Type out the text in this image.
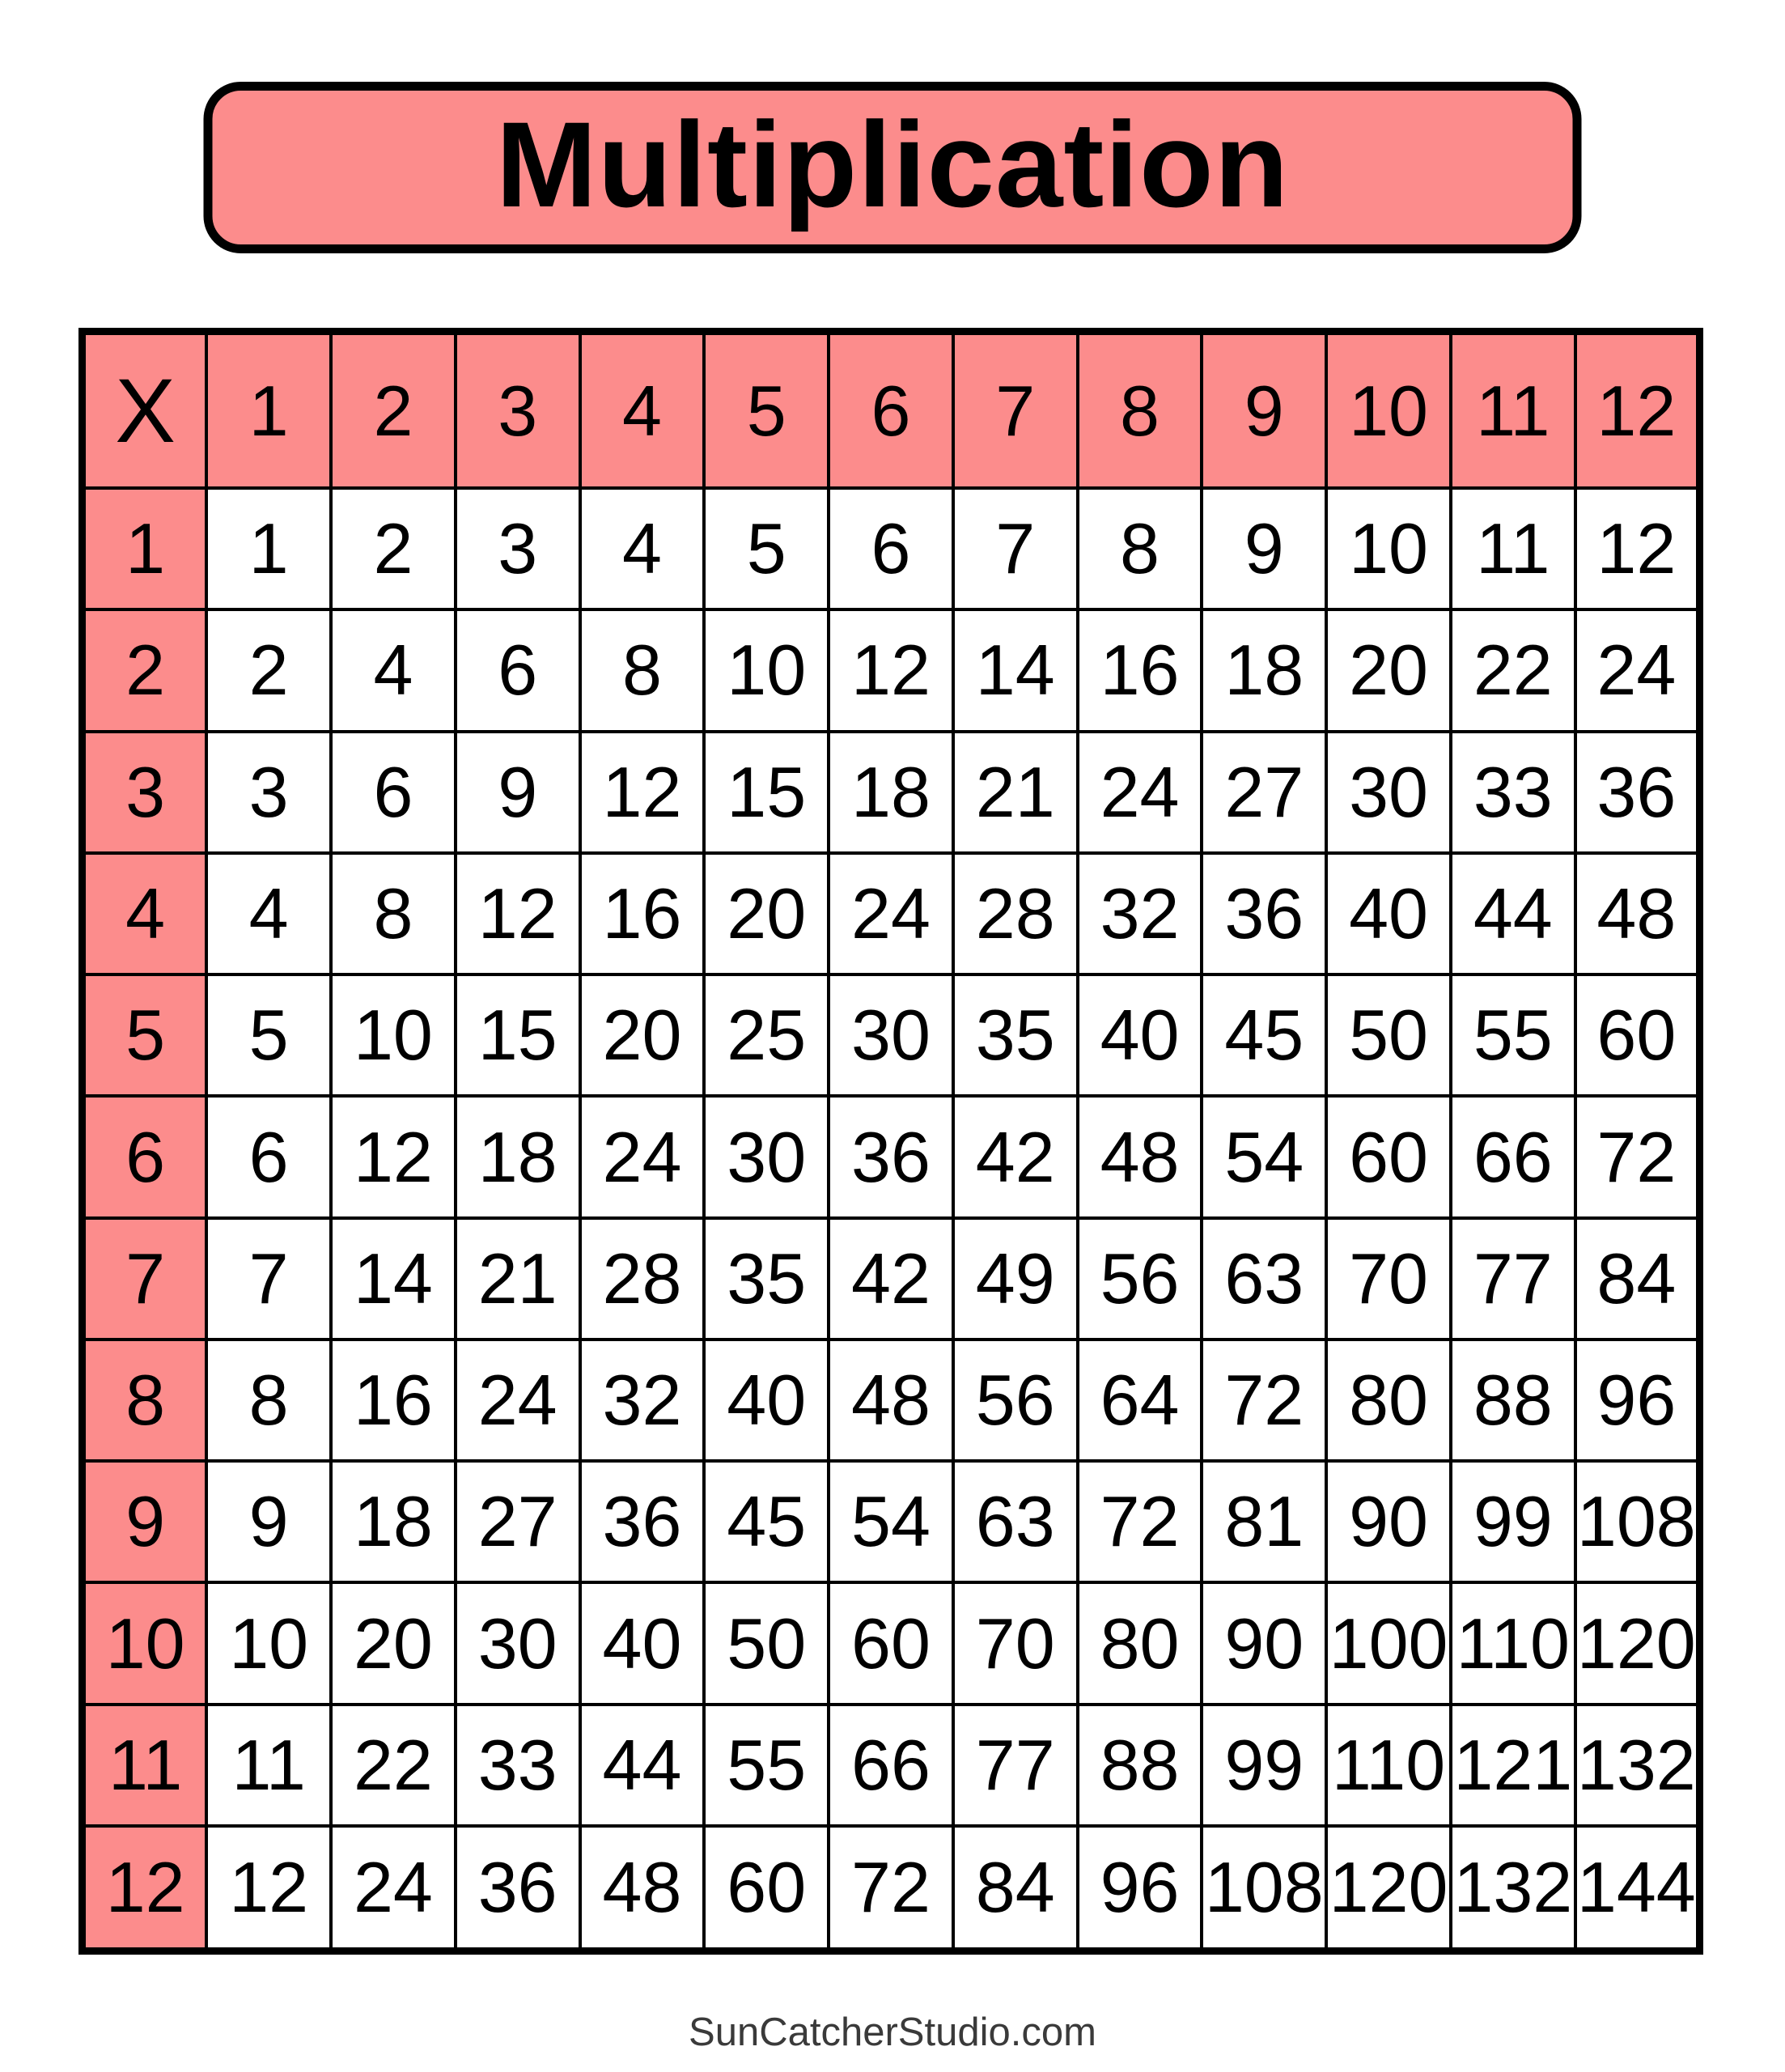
Multiplication
X	1	2	3	4	5	6	7	8	9	10	11	12
1	1	2	3	4	5	6	7	8	9	10	11	12
2	2	4	6	8	10	12	14	16	18	20	22	24
3	3	6	9	12	15	18	21	24	27	30	33	36
4	4	8	12	16	20	24	28	32	36	40	44	48
5	5	10	15	20	25	30	35	40	45	50	55	60
6	6	12	18	24	30	36	42	48	54	60	66	72
7	7	14	21	28	35	42	49	56	63	70	77	84
8	8	16	24	32	40	48	56	64	72	80	88	96
9	9	18	27	36	45	54	63	72	81	90	99	108
10	10	20	30	40	50	60	70	80	90	100	110	120
11	11	22	33	44	55	66	77	88	99	110	121	132
12	12	24	36	48	60	72	84	96	108	120	132	144
SunCatcherStudio.com
